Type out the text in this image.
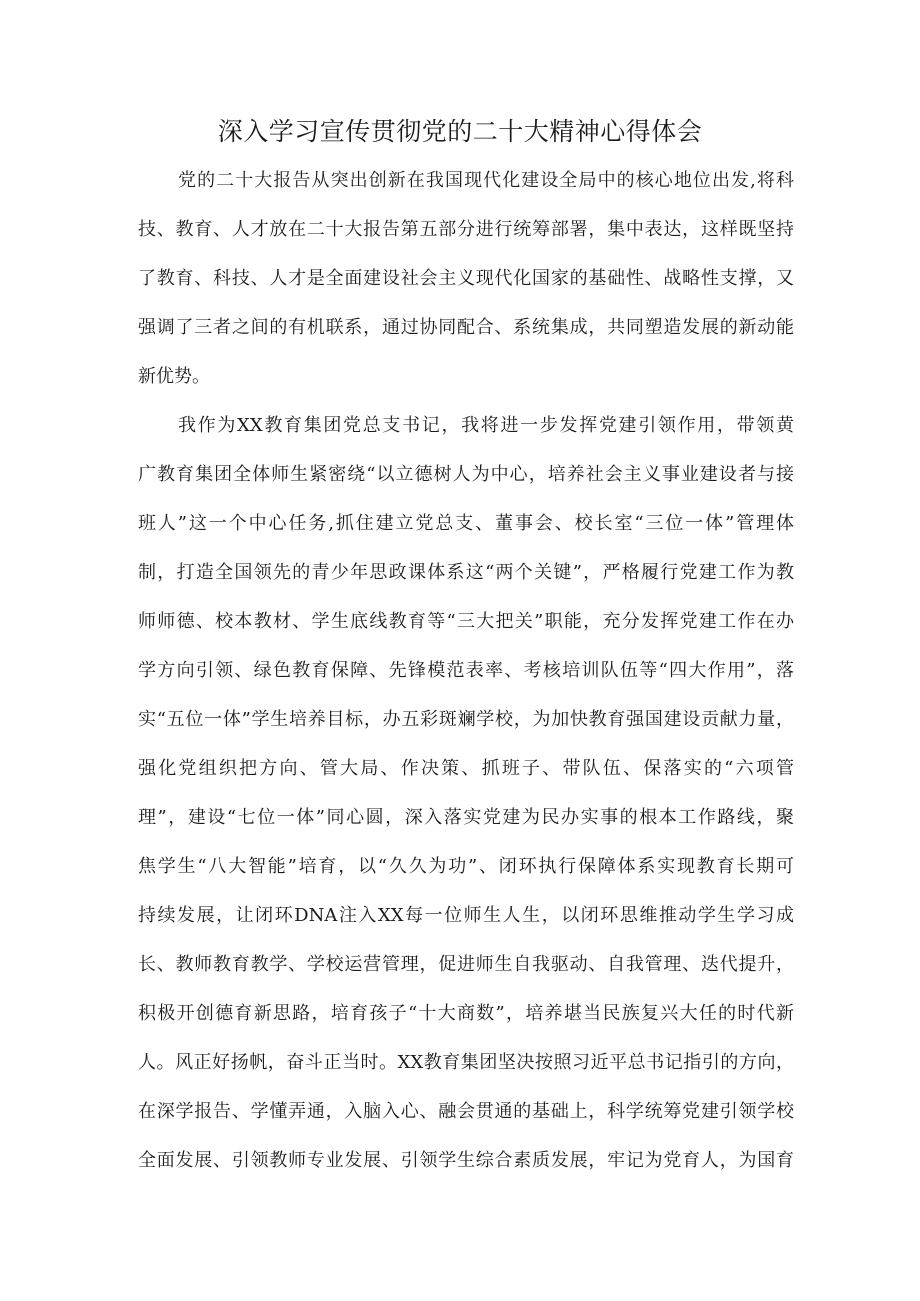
深入学习宣传贯彻党的二十大精神心得体会

党的二十大报告从突出创新在我国现代化建设全局中的核心地位出发,将科

技、教育、人才放在二十大报告第五部分进行统筹部署，集中表达，这样既坚持

了教育、科技、人才是全面建设社会主义现代化国家的基础性、战略性支撑，又

强调了三者之间的有机联系，通过协同配合、系统集成，共同塑造发展的新动能

新优势。

我作为XX教育集团党总支书记，我将进一步发挥党建引领作用，带领黄

广教育集团全体师生紧密绕“以立德树人为中心，培养社会主义事业建设者与接

班人”这一个中心任务,抓住建立党总支、董事会、校长室“三位一体”管理体

制，打造全国领先的青少年思政课体系这“两个关键”，严格履行党建工作为教

师师德、校本教材、学生底线教育等“三大把关”职能，充分发挥党建工作在办

学方向引领、绿色教育保障、先锋模范表率、考核培训队伍等“四大作用”，落

实“五位一体”学生培养目标，办五彩斑斓学校，为加快教育强国建设贡献力量，

强化党组织把方向、管大局、作决策、抓班子、带队伍、保落实的“六项管

理”，建设“七位一体”同心圆，深入落实党建为民办实事的根本工作路线，聚

焦学生“八大智能”培育，以“久久为功”、闭环执行保障体系实现教育长期可

持续发展，让闭环DNA注入XX每一位师生人生，以闭环思维推动学生学习成

长、教师教育教学、学校运营管理，促进师生自我驱动、自我管理、迭代提升，

积极开创德育新思路，培育孩子“十大商数”，培养堪当民族复兴大任的时代新

人。风正好扬帆，奋斗正当时。XX教育集团坚决按照习近平总书记指引的方向，

在深学报告、学懂弄通，入脑入心、融会贯通的基础上，科学统筹党建引领学校

全面发展、引领教师专业发展、引领学生综合素质发展，牢记为党育人，为国育
